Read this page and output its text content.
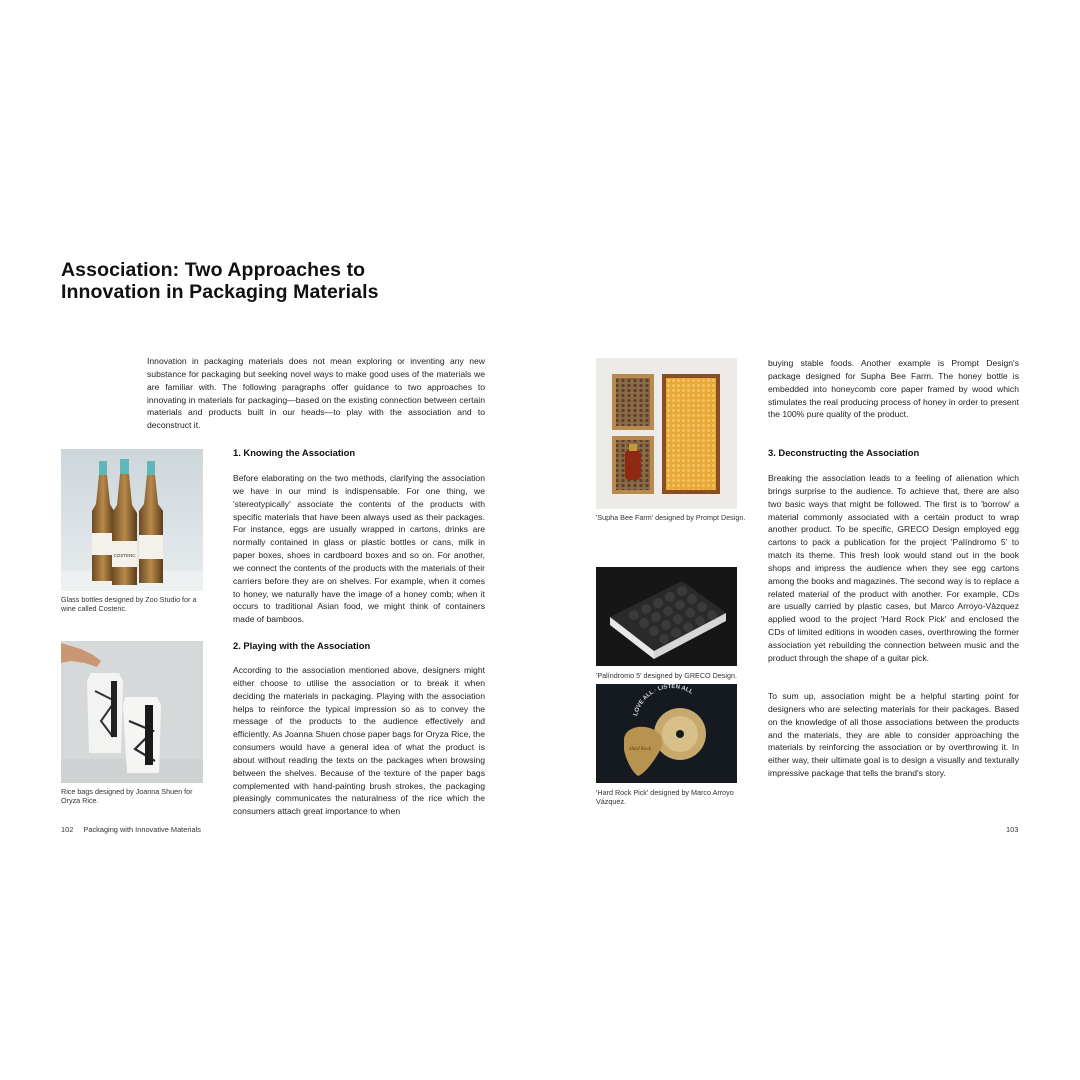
Association: Two Approaches to
Innovation in Packaging Materials

Innovation in packaging materials does not mean exploring or inventing any new substance for packaging but seeking novel ways to make good uses of the materials we are familiar with. The following paragraphs offer guidance to two approaches to innovating in materials for packaging—based on the existing connection between certain materials and products built in our heads—to play with the association and to deconstruct it.

1. Knowing the Association

Before elaborating on the two methods, clarifying the association we have in our mind is indispensable. For one thing, we 'stereotypically' associate the contents of the products with specific materials that have been always used as their packages. For instance, eggs are usually wrapped in cartons, drinks are normally contained in glass or plastic bottles or cans, milk in paper boxes, shoes in cardboard boxes and so on. For another, we connect the contents of the products with the materials of their carriers before they are on shelves. For example, when it comes to honey, we naturally have the image of a honey comb; when it occurs to traditional Asian food, we might think of containers made of bamboos.

2. Playing with the Association

According to the association mentioned above, designers might either choose to utilise the association or to break it when deciding the materials in packaging. Playing with the association helps to reinforce the typical impression so as to convey the message of the products to the audience effectively and efficiently. As Joanna Shuen chose paper bags for Oryza Rice, the consumers would have a general idea of what the product is about without reading the texts on the packages when browsing between the shelves. Because of the texture of the paper bags complemented with hand-painting brush strokes, the packaging pleasingly communicates the naturalness of the rice which the consumers attach great importance to when

COSTENC
Glass bottles designed by Zoo Studio for a wine called Costenc.
Rice bags designed by Joanna Shuen for Oryza Rice.
'Supha Bee Farm' designed by Prompt Design.
'Palíndromo 5' designed by GRECO Design.
LOVE ALL · LISTEN ALL
Hard Rock
'Hard Rock Pick' designed by Marco Arroyo Vázquez.

buying stable foods. Another example is Prompt Design's package designed for Supha Bee Farm. The honey bottle is embedded into honeycomb core paper framed by wood which stimulates the real producing process of honey in order to present the 100% pure quality of the product.

3. Deconstructing the Association

Breaking the association leads to a feeling of alienation which brings surprise to the audience. To achieve that, there are also two basic ways that might be followed. The first is to 'borrow' a material commonly associated with a certain product to wrap another product. To be specific, GRECO Design employed egg cartons to pack a publication for the project 'Palíndromo 5' to match its theme. This fresh look would stand out in the book shops and impress the audience when they see egg cartons among the books and magazines. The second way is to replace a related material of the product with another. For example, CDs are usually carried by plastic cases, but Marco Arroyo-Vázquez applied wood to the project 'Hard Rock Pick' and enclosed the CDs of limited editions in wooden cases, overthrowing the former association yet rebuilding the connection between music and the product through the shape of a guitar pick.

To sum up, association might be a helpful starting point for designers who are selecting materials for their packages. Based on the knowledge of all those associations between the products and the materials, they are able to consider approaching the materials by reinforcing the association or by overthrowing it. In either way, their ultimate goal is to design a visually and texturally impressive package that tells the brand's story.

102 Packaging with Innovative Materials	103
